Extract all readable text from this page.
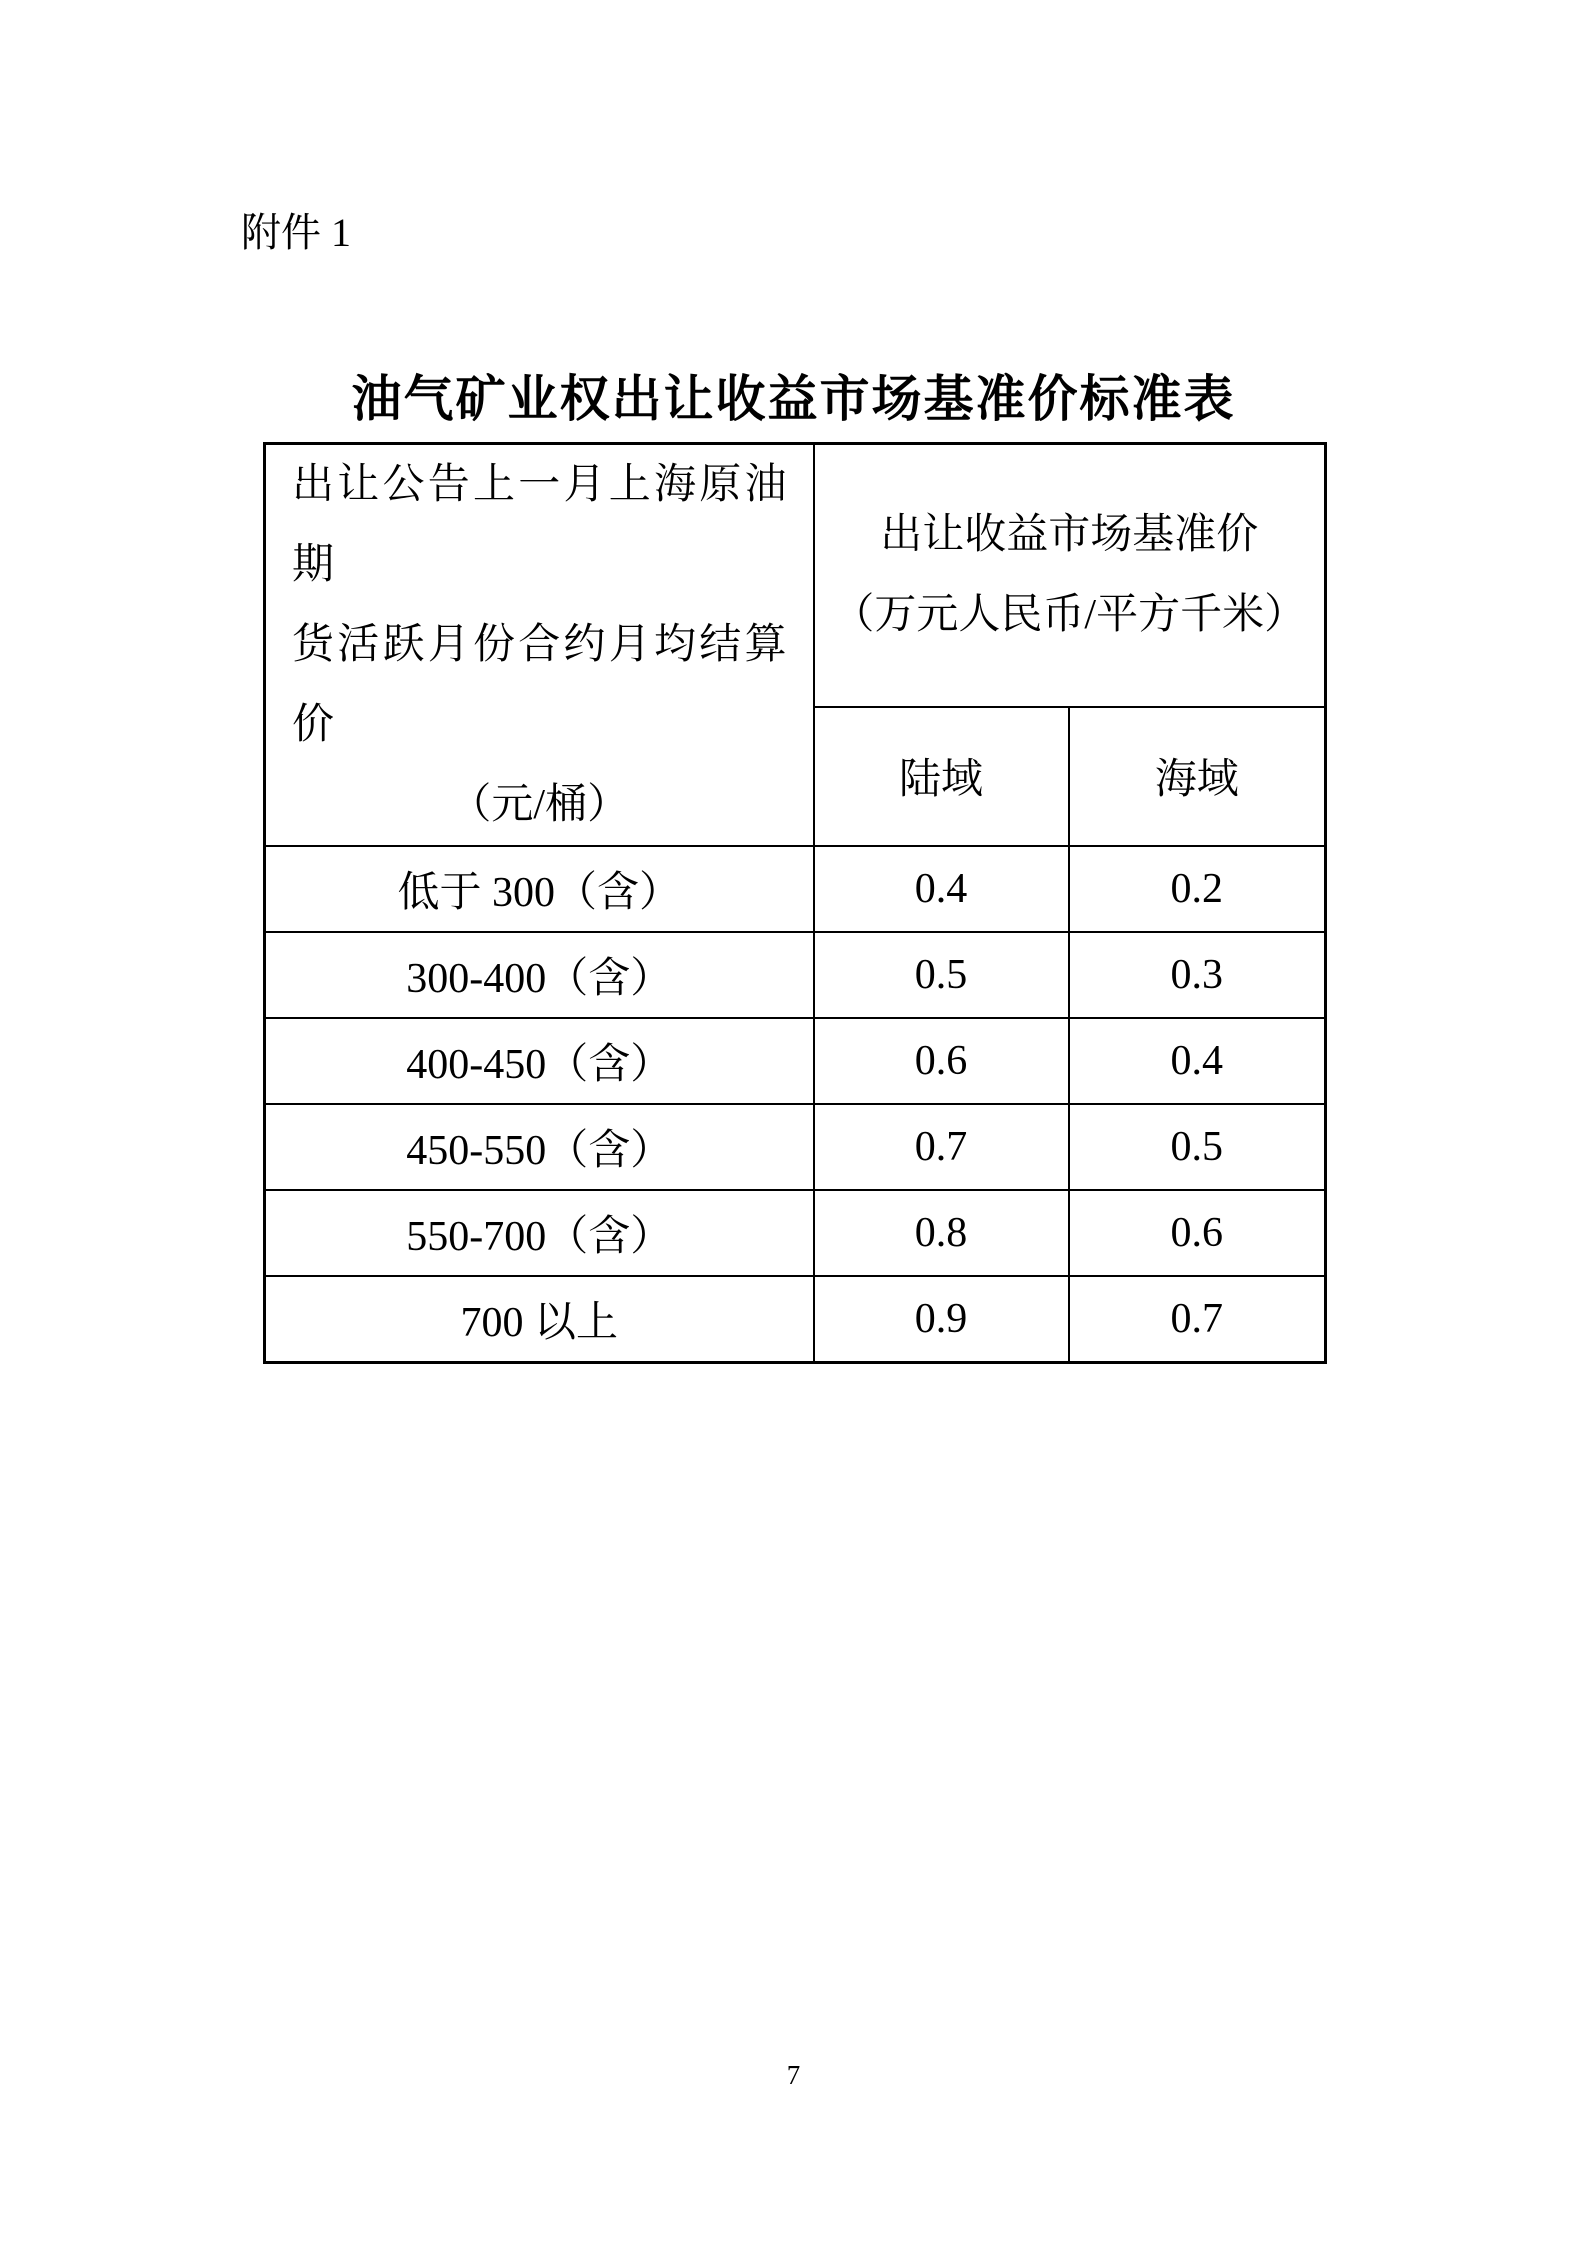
附件 1
油气矿业权出让收益市场基准价标准表
出让公告上一月上海原油期
货活跃月份合约月均结算价
（元/桶）

出让收益市场基准价
（万元人民币/平方千米）

	陆域	海域
低于 300（含）	0.4	0.2
300-400（含）	0.5	0.3
400-450（含）	0.6	0.4
450-550（含）	0.7	0.5
550-700（含）	0.8	0.6
700 以上	0.9	0.7
7
